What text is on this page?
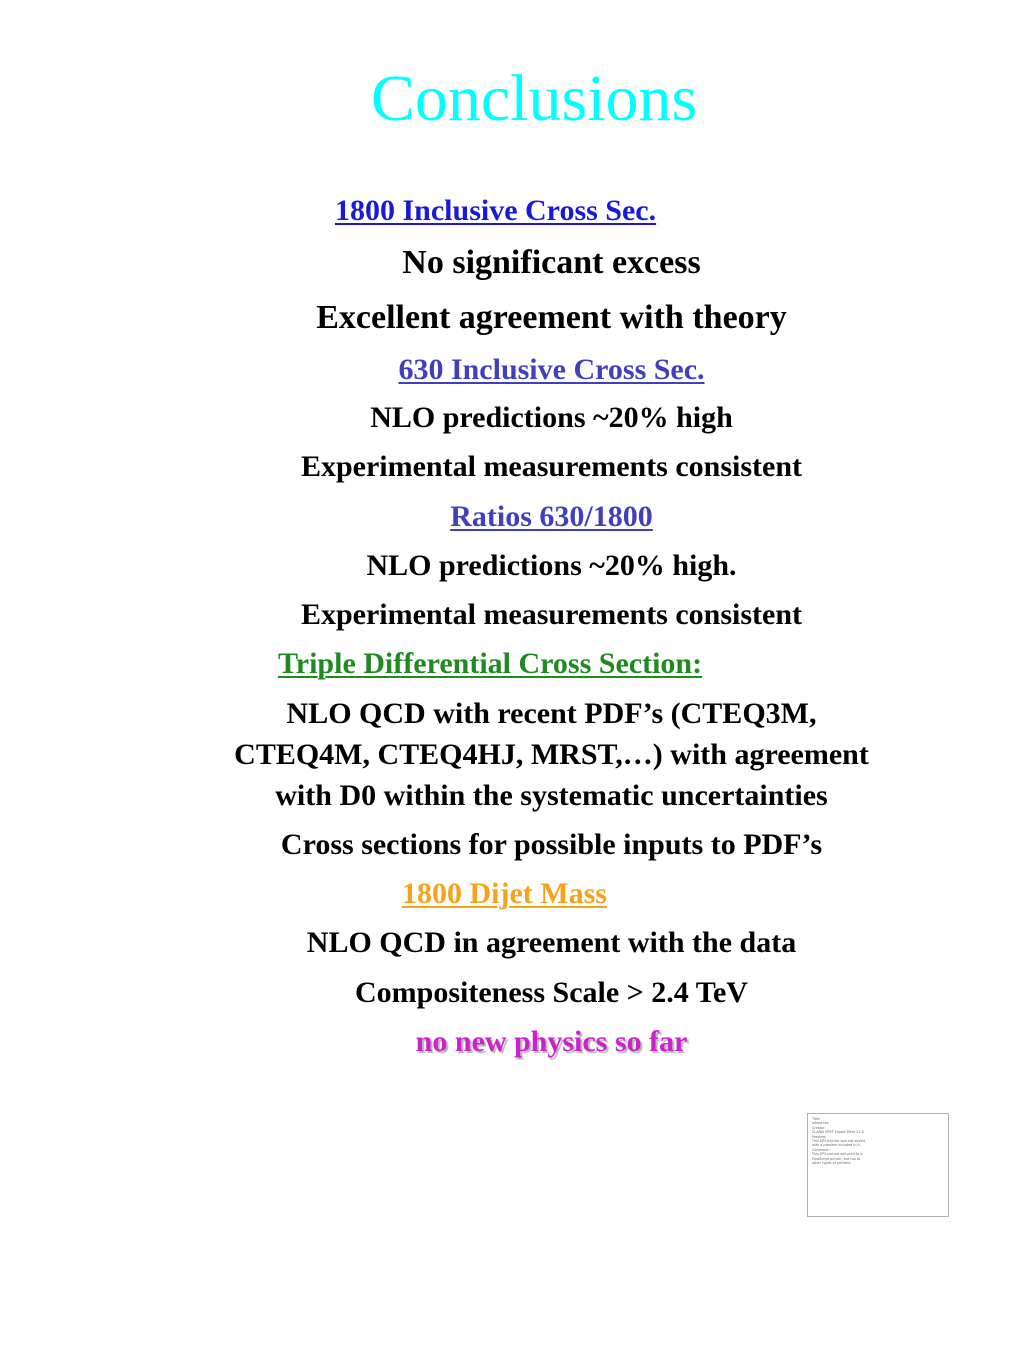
Conclusions
1800 Inclusive Cross Sec.
No significant excess
Excellent agreement with theory
630 Inclusive Cross Sec.
NLO predictions ~20% high
Experimental measurements consistent
Ratios 630/1800
NLO predictions ~20% high.
Experimental measurements consistent
Triple Differential Cross Section:
NLO QCD with recent PDF’s (CTEQ3M,
CTEQ4M, CTEQ4HJ, MRST,…) with agreement
with D0 within the systematic uncertainties
Cross sections for possible inputs to PDF’s
1800 Dijet Mass
NLO QCD in agreement with the data
Compositeness Scale > 2.4 TeV
no new physics so far
Title:
a9eps.tex
Creator:
CLARIS EPSF Export Filter V1.0
Preview:
This EPS picture was not saved
with a preview included in it.
Comment:
This EPS picture will print to a
PostScript printer, but not to
other types of printers.
